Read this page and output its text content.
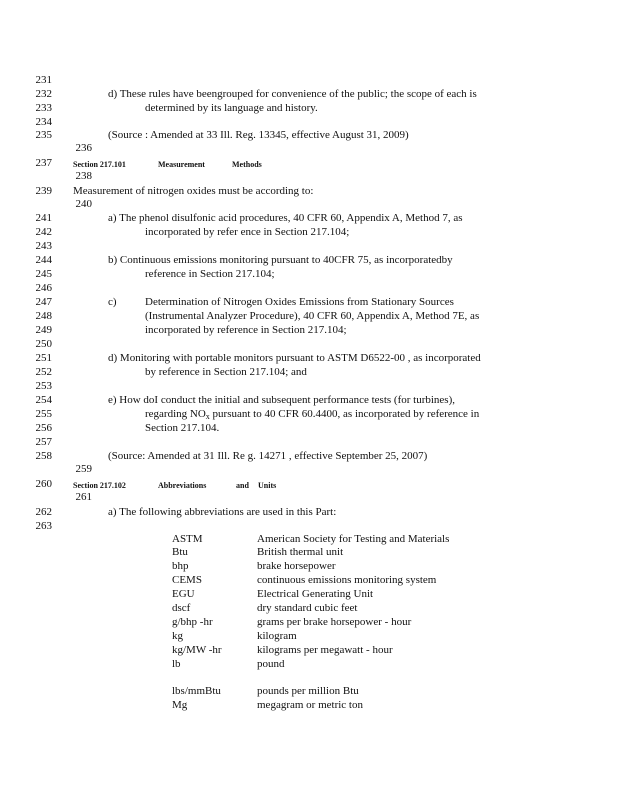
231
232
233
234
235
236
237
238
239
240
241
242
243
244
245
246
247
248
249
250
251
252
253
254
255
256
257
258
259
260
261
262
263
d) These rules have beengrouped for convenience of the public; the scope of each is
determined by its language and history.
(Source : Amended at 33 Ill. Reg. 13345, effective August 31, 2009)
Section 217.101	Measurement	Methods
Measurement of nitrogen oxides must be according to:
a) The phenol disulfonic acid procedures, 40 CFR 60, Appendix A, Method 7, as
incorporated by refer ence in Section 217.104;
b) Continuous emissions monitoring pursuant to 40CFR 75, as incorporatedby
reference in Section 217.104;
c)	Determination of Nitrogen Oxides Emissions from Stationary Sources
(Instrumental Analyzer Procedure), 40 CFR 60, Appendix A, Method 7E, as
incorporated by reference in Section 217.104;
d) Monitoring with portable monitors pursuant to ASTM D6522-00 , as incorporated
by reference in Section 217.104; and
e) How doI conduct the initial and subsequent performance tests (for turbines),
regarding $NO_x$ pursuant to 40 CFR 60.4400, as incorporated by reference in
Section 217.104.
(Source: Amended at 31 Ill. Re g. 14271 , effective September 25, 2007)
Section 217.102	Abbreviations	and Units
a) The following abbreviations are used in this Part:
ASTM	American Society for Testing and Materials
Btu	British thermal unit
bhp	brake horsepower
CEMS	continuous emissions monitoring system
EGU	Electrical Generating Unit
dscf	dry standard cubic feet
g/bhp -hr	grams per brake horsepower - hour
kg	kilogram
kg/MW -hr	kilograms per megawatt - hour
lb	pound
lbs/mmBtu	pounds per million Btu
Mg	megagram or metric ton
